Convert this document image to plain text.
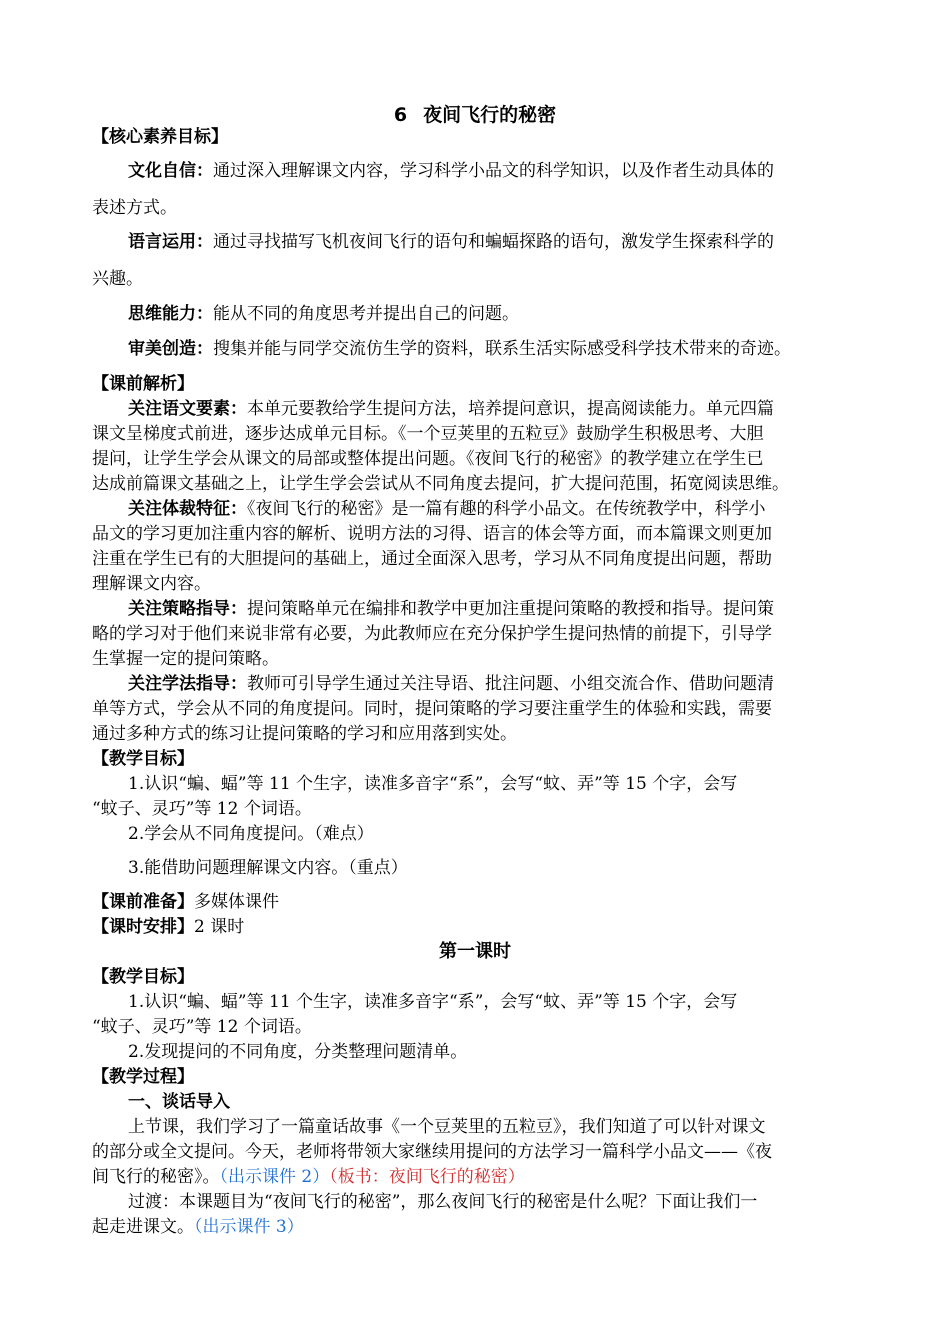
6 夜间飞行的秘密
【核心素养目标】
文化自信：通过深入理解课文内容，学习科学小品文的科学知识，以及作者生动具体的
表述方式。
语言运用：通过寻找描写飞机夜间飞行的语句和蝙蝠探路的语句，激发学生探索科学的
兴趣。
思维能力：能从不同的角度思考并提出自己的问题。
审美创造：搜集并能与同学交流仿生学的资料，联系生活实际感受科学技术带来的奇迹。
【课前解析】
关注语文要素：本单元要教给学生提问方法，培养提问意识，提高阅读能力。单元四篇
课文呈梯度式前进，逐步达成单元目标。《一个豆荚里的五粒豆》鼓励学生积极思考、大胆
提问，让学生学会从课文的局部或整体提出问题。《夜间飞行的秘密》的教学建立在学生已
达成前篇课文基础之上，让学生学会尝试从不同角度去提问，扩大提问范围，拓宽阅读思维。
关注体裁特征：《夜间飞行的秘密》是一篇有趣的科学小品文。在传统教学中，科学小
品文的学习更加注重内容的解析、说明方法的习得、语言的体会等方面，而本篇课文则更加
注重在学生已有的大胆提问的基础上，通过全面深入思考，学习从不同角度提出问题，帮助
理解课文内容。
关注策略指导：提问策略单元在编排和教学中更加注重提问策略的教授和指导。提问策
略的学习对于他们来说非常有必要，为此教师应在充分保护学生提问热情的前提下，引导学
生掌握一定的提问策略。
关注学法指导：教师可引导学生通过关注导语、批注问题、小组交流合作、借助问题清
单等方式，学会从不同的角度提问。同时，提问策略的学习要注重学生的体验和实践，需要
通过多种方式的练习让提问策略的学习和应用落到实处。
【教学目标】
1.认识“蝙、蝠”等 11 个生字，读准多音字“系”，会写“蚊、弄”等 15 个字，会写
“蚊子、灵巧”等 12 个词语。
2.学会从不同角度提问。（难点）
3.能借助问题理解课文内容。（重点）
【课前准备】多媒体课件
【课时安排】2 课时
第一课时
【教学目标】
1.认识“蝙、蝠”等 11 个生字，读准多音字“系”，会写“蚊、弄”等 15 个字，会写
“蚊子、灵巧”等 12 个词语。
2.发现提问的不同角度，分类整理问题清单。
【教学过程】
一、谈话导入
上节课，我们学习了一篇童话故事《一个豆荚里的五粒豆》，我们知道了可以针对课文
的部分或全文提问。今天，老师将带领大家继续用提问的方法学习一篇科学小品文——《夜
间飞行的秘密》。（出示课件 2）（板书：夜间飞行的秘密）
过渡：本课题目为“夜间飞行的秘密”，那么夜间飞行的秘密是什么呢？下面让我们一
起走进课文。（出示课件 3）
